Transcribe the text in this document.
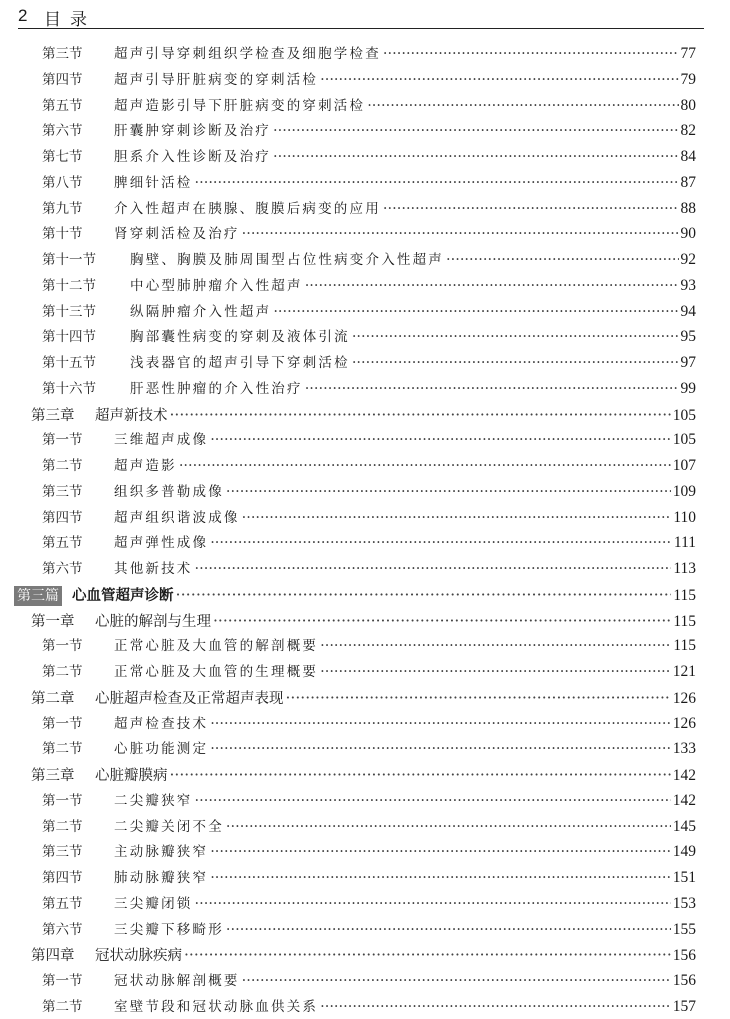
2 目录
第三节	超声引导穿刺组织学检查及细胞学检查 ·····	77
第四节	超声引导肝脏病变的穿刺活检 ·····	79
第五节	超声造影引导下肝脏病变的穿刺活检 ·····	80
第六节	肝囊肿穿刺诊断及治疗 ·····	82
第七节	胆系介入性诊断及治疗 ·····	84
第八节	脾细针活检 ·····	87
第九节	介入性超声在胰腺、腹膜后病变的应用 ·····	88
第十节	肾穿刺活检及治疗 ·····	90
第十一节	胸壁、胸膜及肺周围型占位性病变介入性超声 ·····	92
第十二节	中心型肺肿瘤介入性超声 ·····	93
第十三节	纵隔肿瘤介入性超声 ·····	94
第十四节	胸部囊性病变的穿刺及液体引流 ·····	95
第十五节	浅表器官的超声引导下穿刺活检 ·····	97
第十六节	肝恶性肿瘤的介入性治疗 ·····	99
第三章	超声新技术 ·····	105
第一节	三维超声成像 ·····	105
第二节	超声造影 ·····	107
第三节	组织多普勒成像 ·····	109
第四节	超声组织谐波成像 ·····	110
第五节	超声弹性成像 ·····	111
第六节	其他新技术 ·····	113
第三篇 心血管超声诊断 ·····	115
第一章	心脏的解剖与生理 ·····	115
第一节	正常心脏及大血管的解剖概要 ·····	115
第二节	正常心脏及大血管的生理概要 ·····	121
第二章	心脏超声检查及正常超声表现 ·····	126
第一节	超声检查技术 ·····	126
第二节	心脏功能测定 ·····	133
第三章	心脏瓣膜病 ·····	142
第一节	二尖瓣狭窄 ·····	142
第二节	二尖瓣关闭不全 ·····	145
第三节	主动脉瓣狭窄 ·····	149
第四节	肺动脉瓣狭窄 ·····	151
第五节	三尖瓣闭锁 ·····	153
第六节	三尖瓣下移畸形 ·····	155
第四章	冠状动脉疾病 ·····	156
第一节	冠状动脉解剖概要 ·····	156
第二节	室壁节段和冠状动脉血供关系 ·····	157
